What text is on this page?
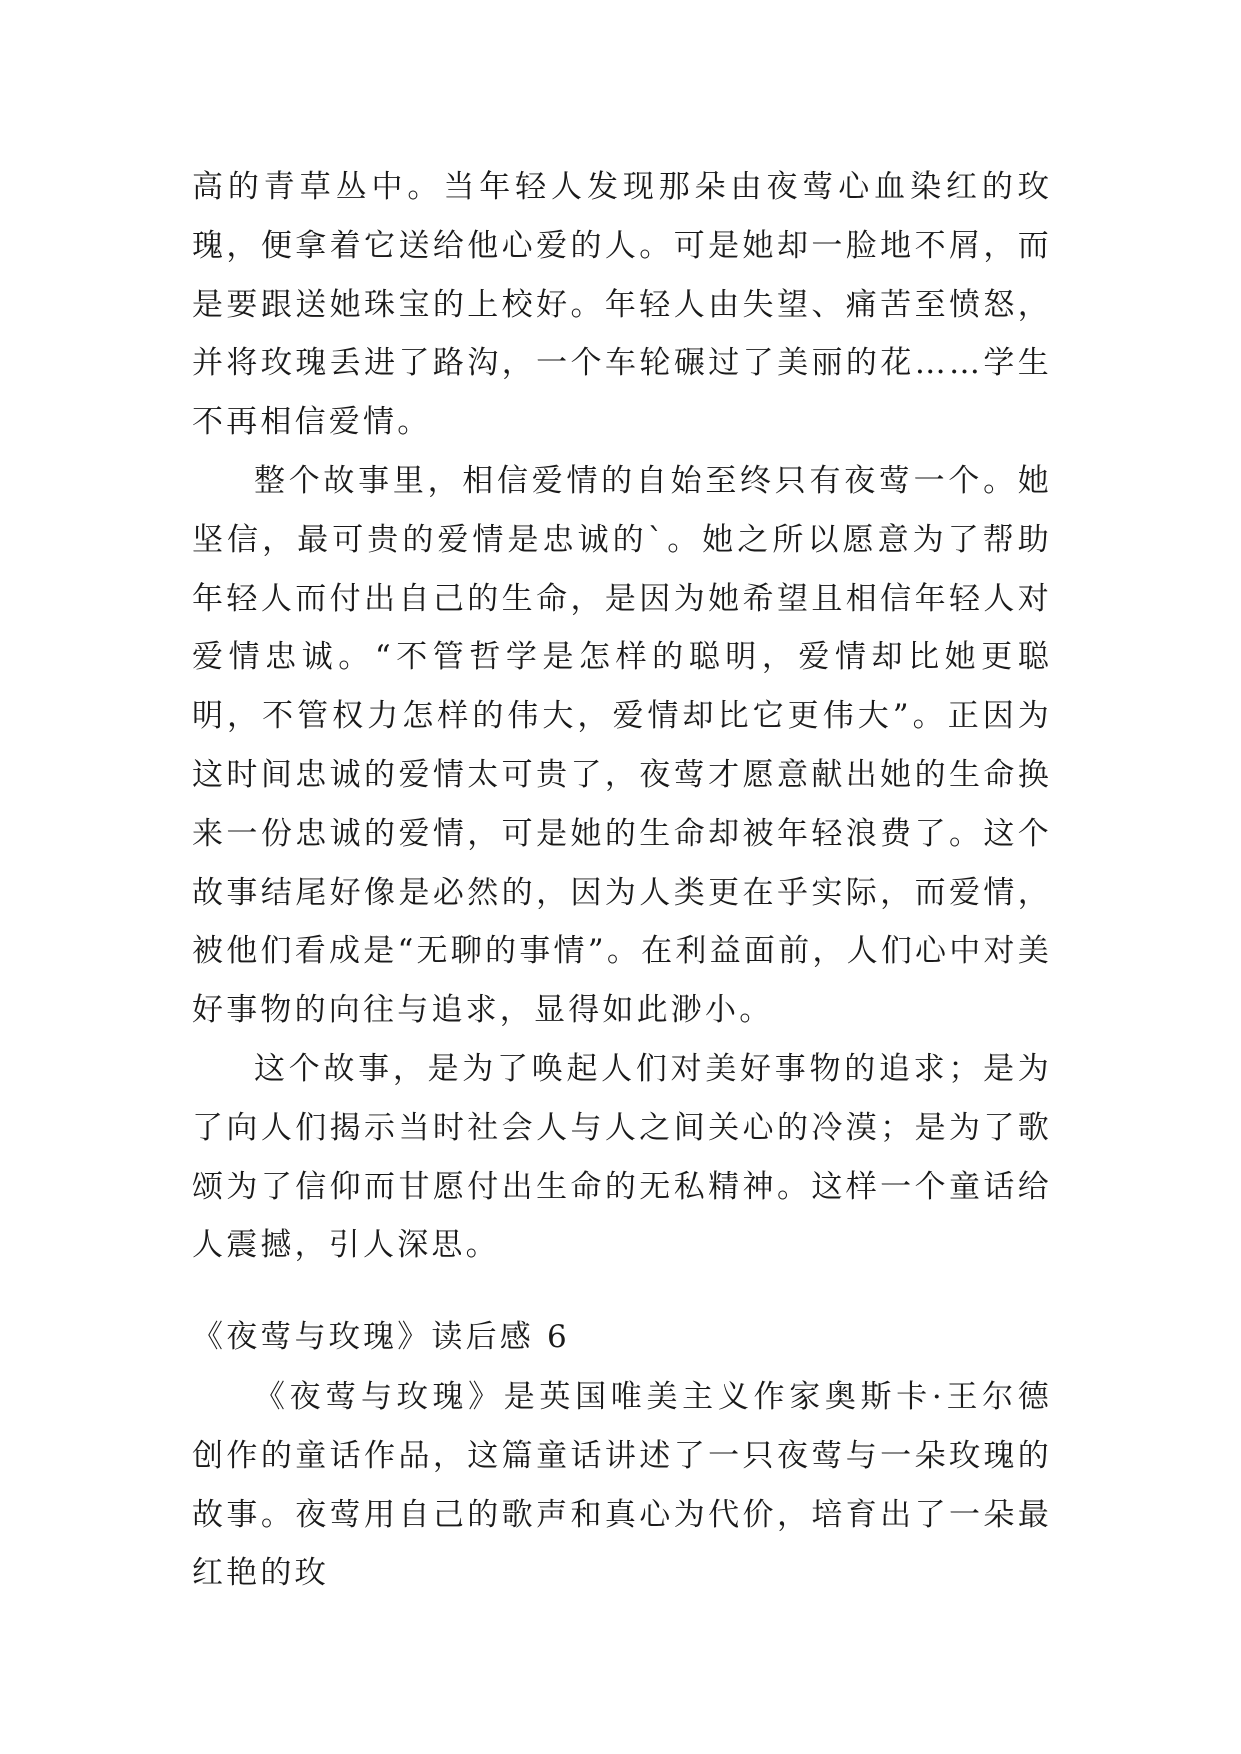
高的青草丛中。当年轻人发现那朵由夜莺心血染红的玫瑰，便拿着它送给他心爱的人。可是她却一脸地不屑，而是要跟送她珠宝的上校好。年轻人由失望、痛苦至愤怒，并将玫瑰丢进了路沟，一个车轮碾过了美丽的花……学生不再相信爱情。

整个故事里，相信爱情的自始至终只有夜莺一个。她坚信，最可贵的爱情是忠诚的`。她之所以愿意为了帮助年轻人而付出自己的生命，是因为她希望且相信年轻人对爱情忠诚。“不管哲学是怎样的聪明，爱情却比她更聪明，不管权力怎样的伟大，爱情却比它更伟大”。正因为这时间忠诚的爱情太可贵了，夜莺才愿意献出她的生命换来一份忠诚的爱情，可是她的生命却被年轻浪费了。这个故事结尾好像是必然的，因为人类更在乎实际，而爱情，被他们看成是“无聊的事情”。在利益面前，人们心中对美好事物的向往与追求，显得如此渺小。

这个故事，是为了唤起人们对美好事物的追求；是为了向人们揭示当时社会人与人之间关心的冷漠；是为了歌颂为了信仰而甘愿付出生命的无私精神。这样一个童话给人震撼，引人深思。

《夜莺与玫瑰》读后感 6

《夜莺与玫瑰》是英国唯美主义作家奥斯卡·王尔德创作的童话作品，这篇童话讲述了一只夜莺与一朵玫瑰的故事。夜莺用自己的歌声和真心为代价，培育出了一朵最红艳的玫
